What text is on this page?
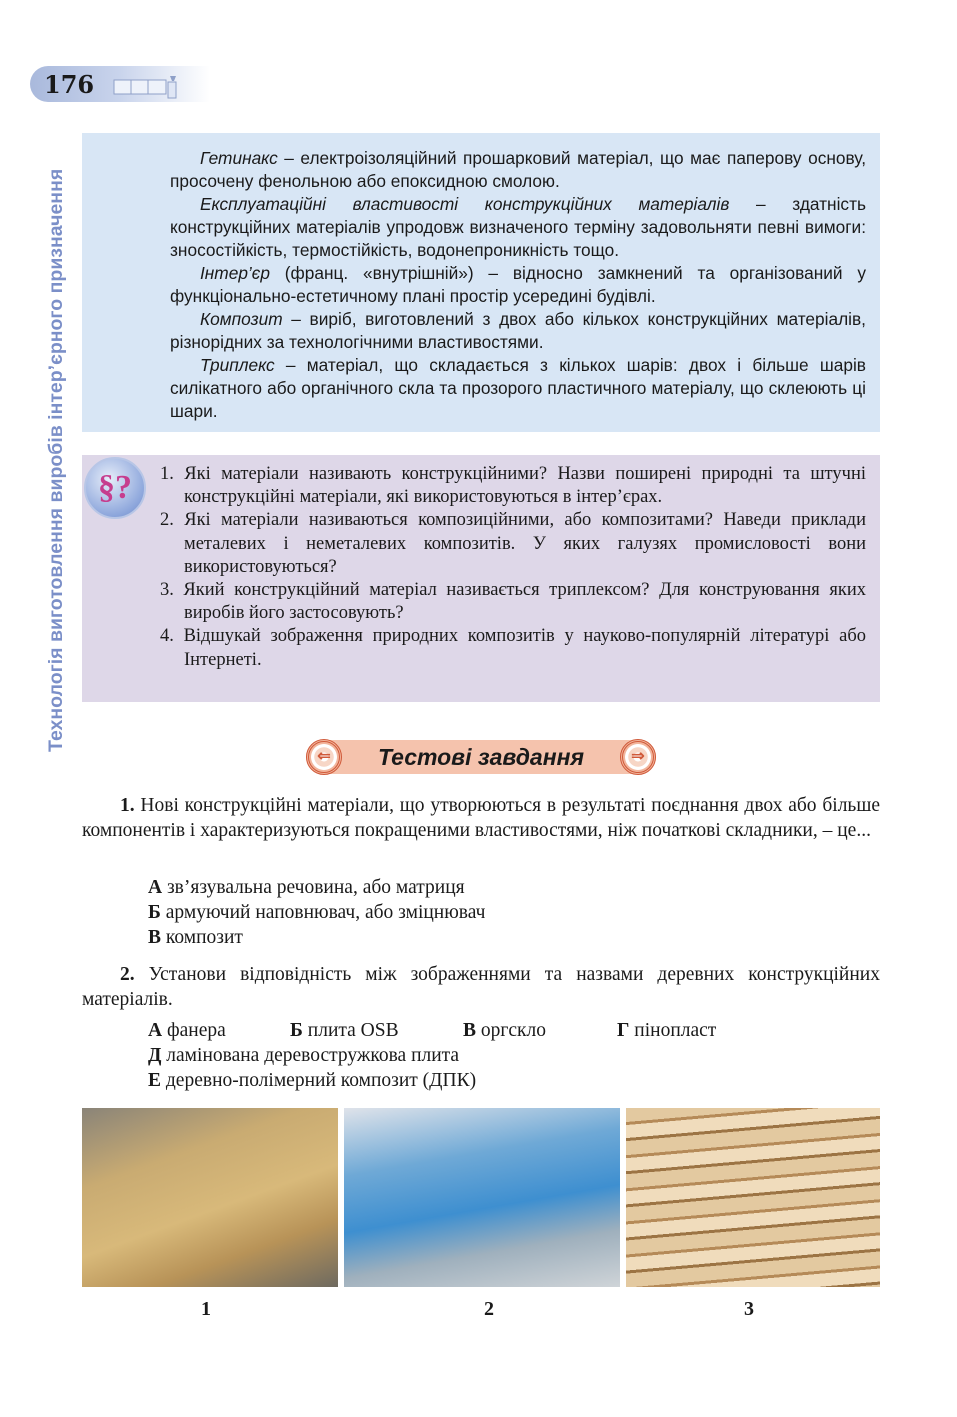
176
Технологія виготовлення виробів інтер’єрного призначення

Гетинакс – електроізоляційний прошарковий матеріал, що має паперову основу, просочену фенольною або епоксидною смолою.

Експлуатаційні властивості конструкційних матеріалів – здатність конструкційних матеріалів упродовж визначеного терміну задовольняти певні вимоги: зносостійкість, термостійкість, водонепроникність тощо.

Інтер’єр (франц. «внутрішній») – відносно замкнений та організований у функціонально-естетичному плані простір усередині будівлі.

Композит – виріб, виготовлений з двох або кількох конструкційних матеріалів, різнорідних за технологічними властивостями.

Триплекс – матеріал, що складається з кількох шарів: двох і більше шарів силікатного або органічного скла та прозорого пластичного матеріалу, що склеюють ці шари.

1. Які матеріали називають конструкційними? Назви поширені природні та штучні конструкційні матеріали, які використовуються в інтер’єрах.
2. Які матеріали називаються композиційними, або композитами? Наведи приклади металевих і неметалевих композитів. У яких галузях промисловості вони використовуються?
3. Який конструкційний матеріал називається триплексом? Для конструювання яких виробів його застосовують?
4. Відшукай зображення природних композитів у науково-популярній літературі або Інтернеті.
§?
⇐	Тестові завдання	⇒
1. Нові конструкційні матеріали, що утворюються в результаті поєднання двох або більше компонентів і характеризуються покращеними властивостями, ніж початкові складники, – це...
А зв’язувальна речовина, або матриця
Б армуючий наповнювач, або зміцнювач
В композит
2. Установи відповідність між зображеннями та назвами деревних конструкційних матеріалів.
А фанера	Б плита OSB	В оргскло	Г пінопласт
Д ламінована деревостружкова плита
Е деревно-полімерний композит (ДПК)
1	2	3
